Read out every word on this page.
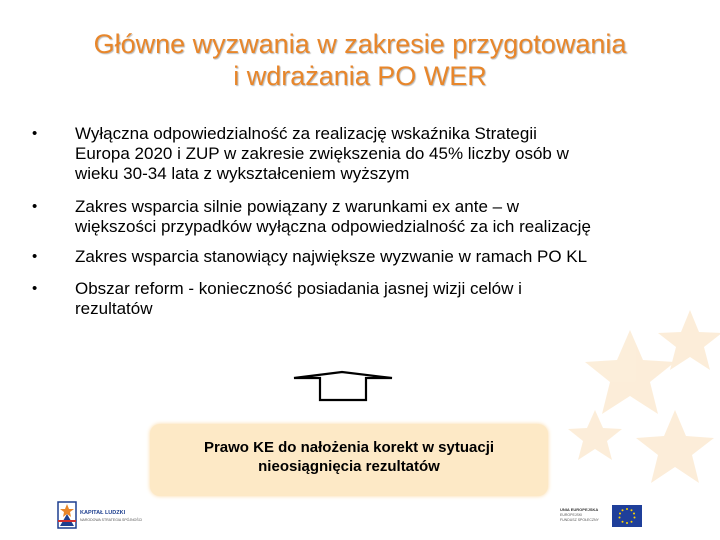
Główne wyzwania w zakresie przygotowania
i wdrażania PO WER
•	Wyłączna odpowiedzialność za realizację wskaźnika Strategii
Europa 2020 i ZUP w zakresie zwiększenia do 45% liczby osób w
wieku 30-34 lata z wykształceniem wyższym
•	Zakres wsparcia silnie powiązany z warunkami ex ante – w
większości przypadków wyłączna odpowiedzialność za ich realizację
•	Zakres wsparcia stanowiący największe wyzwanie w ramach PO KL
•	Obszar reform - konieczność posiadania jasnej wizji celów i
rezultatów
Prawo KE do nałożenia korekt w sytuacji
nieosiągnięcia rezultatów
KAPITAŁ LUDZKI
NARODOWA STRATEGIA SPÓJNOŚCI
UNIA EUROPEJSKA
EUROPEJSKI
FUNDUSZ SPOŁECZNY
